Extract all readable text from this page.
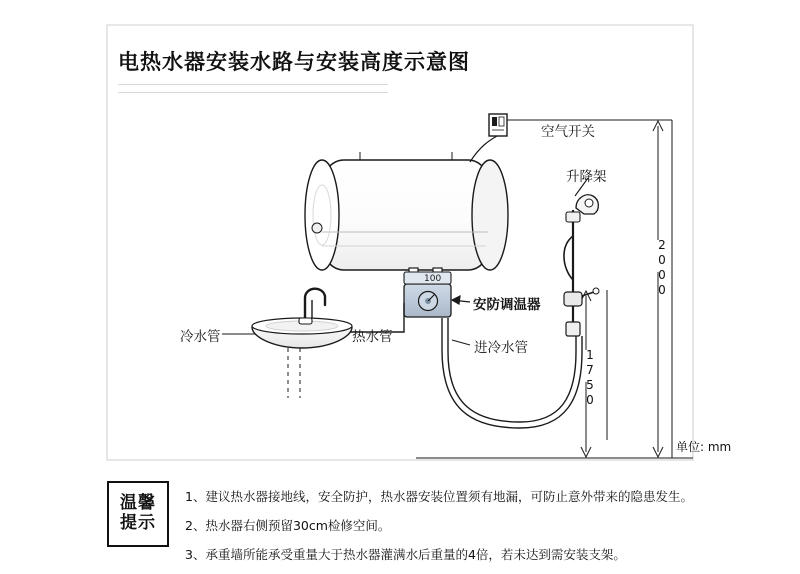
电热水器安装水路与安装高度示意图
空气开关
升降架
安防调温器
冷水管	热水管
进冷水管
100	2000
1750
单位: mm
温馨
提示
1、建议热水器接地线，安全防护，热水器安装位置须有地漏，可防止意外带来的隐患发生。
2、热水器右侧预留30cm检修空间。
3、承重墙所能承受重量大于热水器灌满水后重量的4倍，若未达到需安装支架。
